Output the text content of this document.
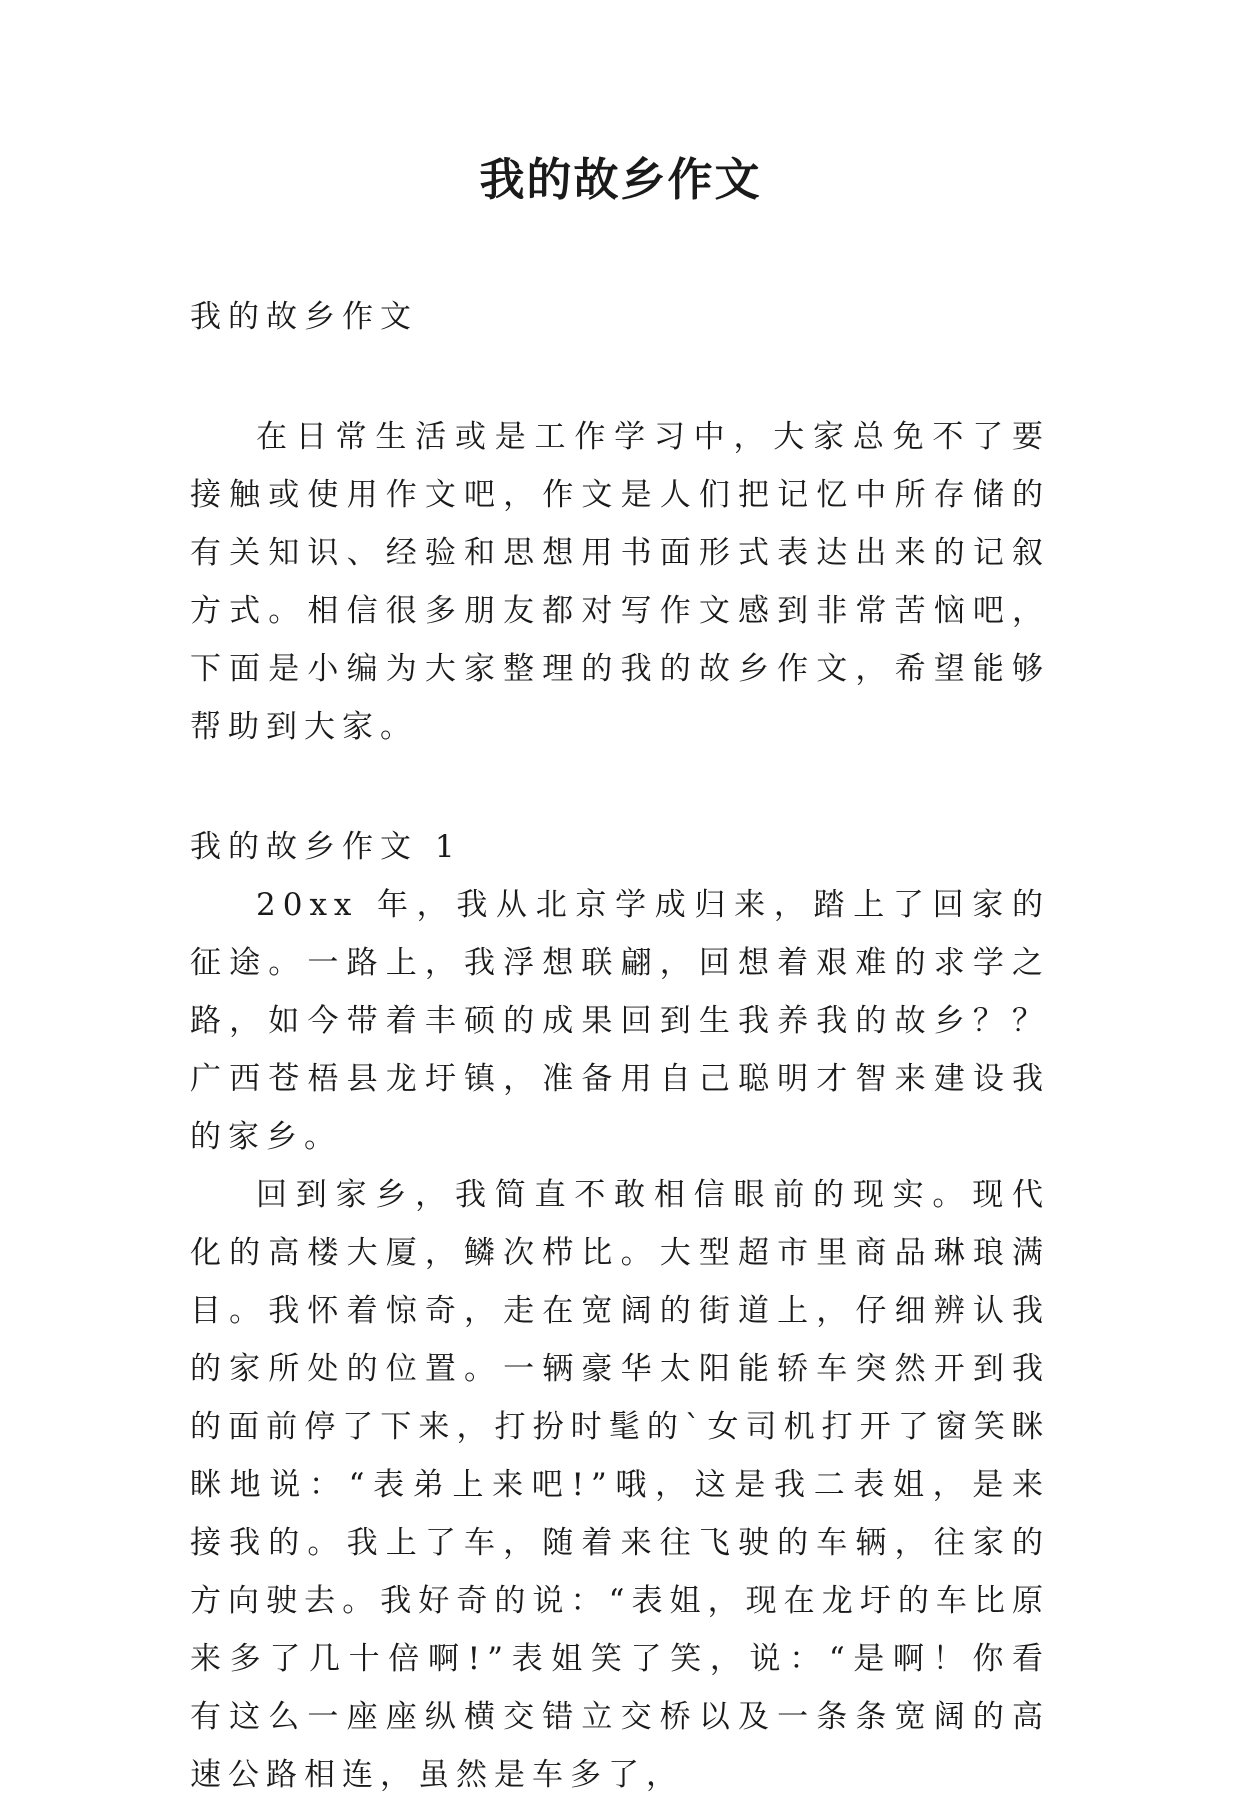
我的故乡作文

我的故乡作文

在日常生活或是工作学习中，大家总免不了要接触或使用作文吧，作文是人们把记忆中所存储的有关知识、经验和思想用书面形式表达出来的记叙方式。相信很多朋友都对写作文感到非常苦恼吧，下面是小编为大家整理的我的故乡作文，希望能够帮助到大家。

我的故乡作文 1

20xx 年，我从北京学成归来，踏上了回家的征途。一路上，我浮想联翩，回想着艰难的求学之路，如今带着丰硕的成果回到生我养我的故乡？？广西苍梧县龙圩镇，准备用自己聪明才智来建设我的家乡。

回到家乡，我简直不敢相信眼前的现实。现代化的高楼大厦，鳞次栉比。大型超市里商品琳琅满目。我怀着惊奇，走在宽阔的街道上，仔细辨认我的家所处的位置。一辆豪华太阳能轿车突然开到我的面前停了下来，打扮时髦的`女司机打开了窗笑眯眯地说：“表弟上来吧!”哦，这是我二表姐，是来接我的。我上了车，随着来往飞驶的车辆，往家的方向驶去。我好奇的说：“表姐，现在龙圩的车比原来多了几十倍啊!”表姐笑了笑，说：“是啊！你看有这么一座座纵横交错立交桥以及一条条宽阔的高速公路相连，虽然是车多了，
